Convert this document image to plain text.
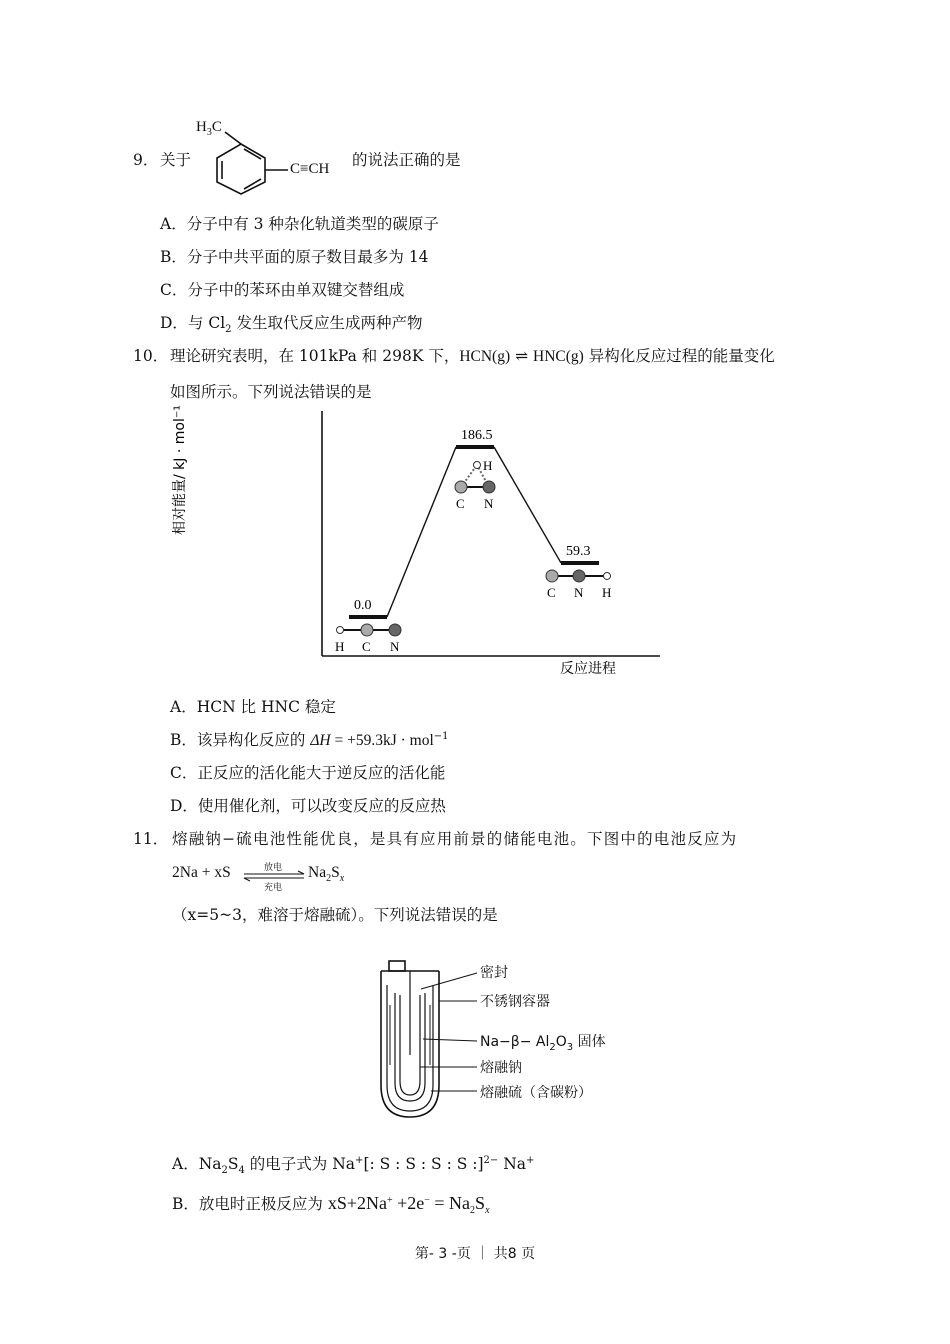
9． 关于
$H_3C$
C≡CH 的说法正确的是
A．分子中有 3 种杂化轨道类型的碳原子
B．分子中共平面的原子数目最多为 14
C．分子中的苯环由单双键交替组成
D．与 $Cl_2$ 发生取代反应生成两种产物
10． 理论研究表明，在 101kPa 和 298K 下，HCN(g) ⇌ HNC(g) 异构化反应过程的能量变化
如图所示。下列说法错误的是
相对能量/ kJ · mol⁻¹
反应进程
0.0
H C N
186.5
C N
H
59.3
C N H
A．HCN 比 HNC 稳定
B．该异构化反应的 ΔH = +59.3kJ · mol$^{-1}$
C．正反应的活化能大于逆反应的活化能
D．使用催化剂，可以改变反应的反应热
11． 熔融钠−硫电池性能优良，是具有应用前景的储能电池。下图中的电池反应为
2Na + xS	放电
充电
$Na_2S_x$
（x=5~3，难溶于熔融硫）。下列说法错误的是
密封
不锈钢容器
$Na-\beta- Al_2O_3$ 固体
熔融钠
熔融硫（含碳粉）
A．$Na_2S_4$ 的电子式为 Na+[: S : S : S : S :]$^{2-}$ Na+
B．放电时正极反应为 $xS+2Na^+ +2e^- = Na_2S_x$
第- 3 -页 ｜ 共8 页
